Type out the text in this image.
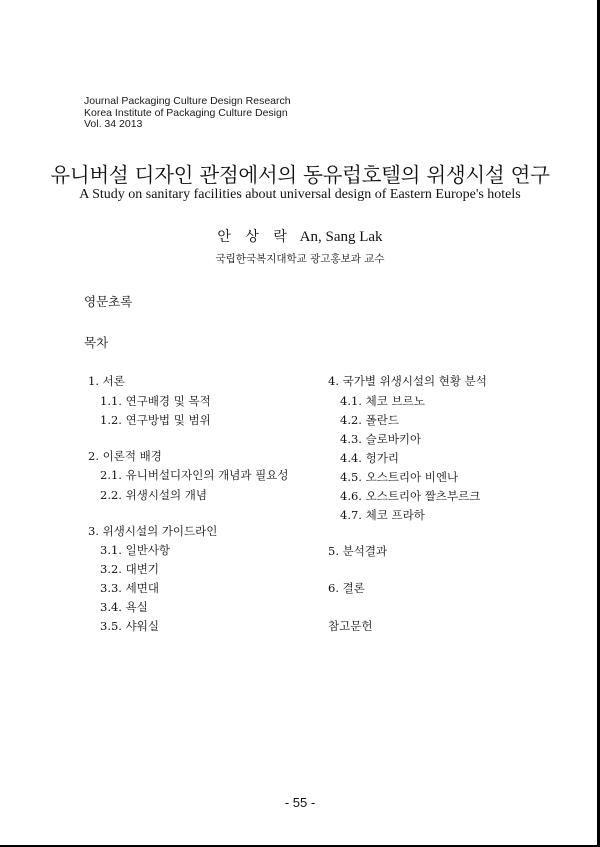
Journal Packaging Culture Design Research
Korea Institute of Packaging Culture Design
Vol. 34 2013
유니버설 디자인 관점에서의 동유럽호텔의 위생시설 연구
A Study on sanitary facilities about universal design of Eastern Europe's hotels
안 상 락 An, Sang Lak
국립한국복지대학교 광고홍보과 교수
영문초록
목차
1. 서론
1.1. 연구배경 및 목적
1.2. 연구방법 및 범위
2. 이론적 배경
2.1. 유니버설디자인의 개념과 필요성
2.2. 위생시설의 개념
3. 위생시설의 가이드라인
3.1. 일반사항
3.2. 대변기
3.3. 세면대
3.4. 욕실
3.5. 샤워실
4. 국가별 위생시설의 현황 분석
4.1. 체코 브르노
4.2. 폴란드
4.3. 슬로바키아
4.4. 헝가리
4.5. 오스트리아 비엔나
4.6. 오스트리아 짤츠부르크
4.7. 체코 프라하
5. 분석결과
6. 결론
참고문헌
- 55 -
